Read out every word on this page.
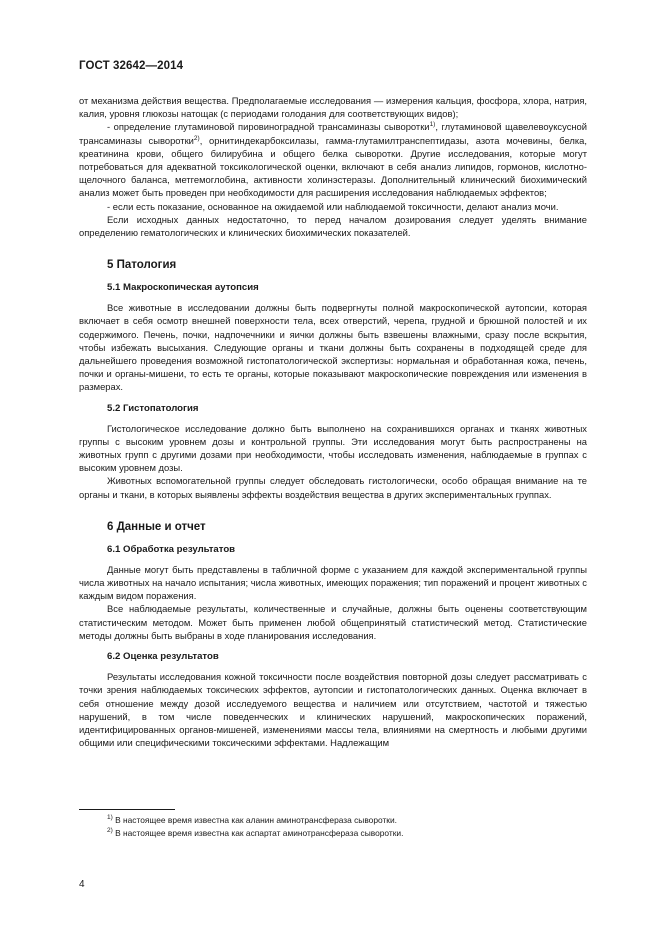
ГОСТ 32642—2014

от механизма действия вещества. Предполагаемые исследования — измерения кальция, фосфора, хлора, натрия, калия, уровня глюкозы натощак (с периодами голодания для соответствующих видов);

- определение глутаминовой пировиноградной трансаминазы сыворотки$^{1)}$, глутаминовой щавелевоуксусной трансаминазы сыворотки$^{2)}$, орнитиндекарбоксилазы, гамма-глутамилтранспептидазы, азота мочевины, белка, креатинина крови, общего билирубина и общего белка сыворотки. Другие исследования, которые могут потребоваться для адекватной токсикологической оценки, включают в себя анализ липидов, гормонов, кислотно-щелочного баланса, метгемоглобина, активности холинэстеразы. Дополнительный клинический биохимический анализ может быть проведен при необходимости для расширения исследования наблюдаемых эффектов;

- если есть показание, основанное на ожидаемой или наблюдаемой токсичности, делают анализ мочи.

Если исходных данных недостаточно, то перед началом дозирования следует уделять внимание определению гематологических и клинических биохимических показателей.

5 Патология
5.1 Макроскопическая аутопсия

Все животные в исследовании должны быть подвергнуты полной макроскопической аутопсии, которая включает в себя осмотр внешней поверхности тела, всех отверстий, черепа, грудной и брюшной полостей и их содержимого. Печень, почки, надпочечники и яички должны быть взвешены влажными, сразу после вскрытия, чтобы избежать высыхания. Следующие органы и ткани должны быть сохранены в подходящей среде для дальнейшего проведения возможной гистопатологической экспертизы: нормальная и обработанная кожа, печень, почки и органы-мишени, то есть те органы, которые показывают макроскопические повреждения или изменения в размерах.

5.2 Гистопатология

Гистологическое исследование должно быть выполнено на сохранившихся органах и тканях животных группы с высоким уровнем дозы и контрольной группы. Эти исследования могут быть распространены на животных групп с другими дозами при необходимости, чтобы исследовать изменения, наблюдаемые в группах с высоким уровнем дозы.

Животных вспомогательной группы следует обследовать гистологически, особо обращая внимание на те органы и ткани, в которых выявлены эффекты воздействия вещества в других экспериментальных группах.

6 Данные и отчет
6.1 Обработка результатов

Данные могут быть представлены в табличной форме с указанием для каждой экспериментальной группы числа животных на начало испытания; числа животных, имеющих поражения; тип поражений и процент животных с каждым видом поражения.

Все наблюдаемые результаты, количественные и случайные, должны быть оценены соответствующим статистическим методом. Может быть применен любой общепринятый статистический метод. Статистические методы должны быть выбраны в ходе планирования исследования.

6.2 Оценка результатов

Результаты исследования кожной токсичности после воздействия повторной дозы следует рассматривать с точки зрения наблюдаемых токсических эффектов, аутопсии и гистопатологических данных. Оценка включает в себя отношение между дозой исследуемого вещества и наличием или отсутствием, частотой и тяжестью нарушений, в том числе поведенческих и клинических нарушений, макроскопических поражений, идентифицированных органов-мишеней, изменениями массы тела, влияниями на смертность и любыми другими общими или специфическими токсическими эффектами. Надлежащим

$^{1)}$ В настоящее время известна как аланин аминотрансфераза сыворотки.

$^{2)}$ В настоящее время известна как аспартат аминотрансфераза сыворотки.

4
